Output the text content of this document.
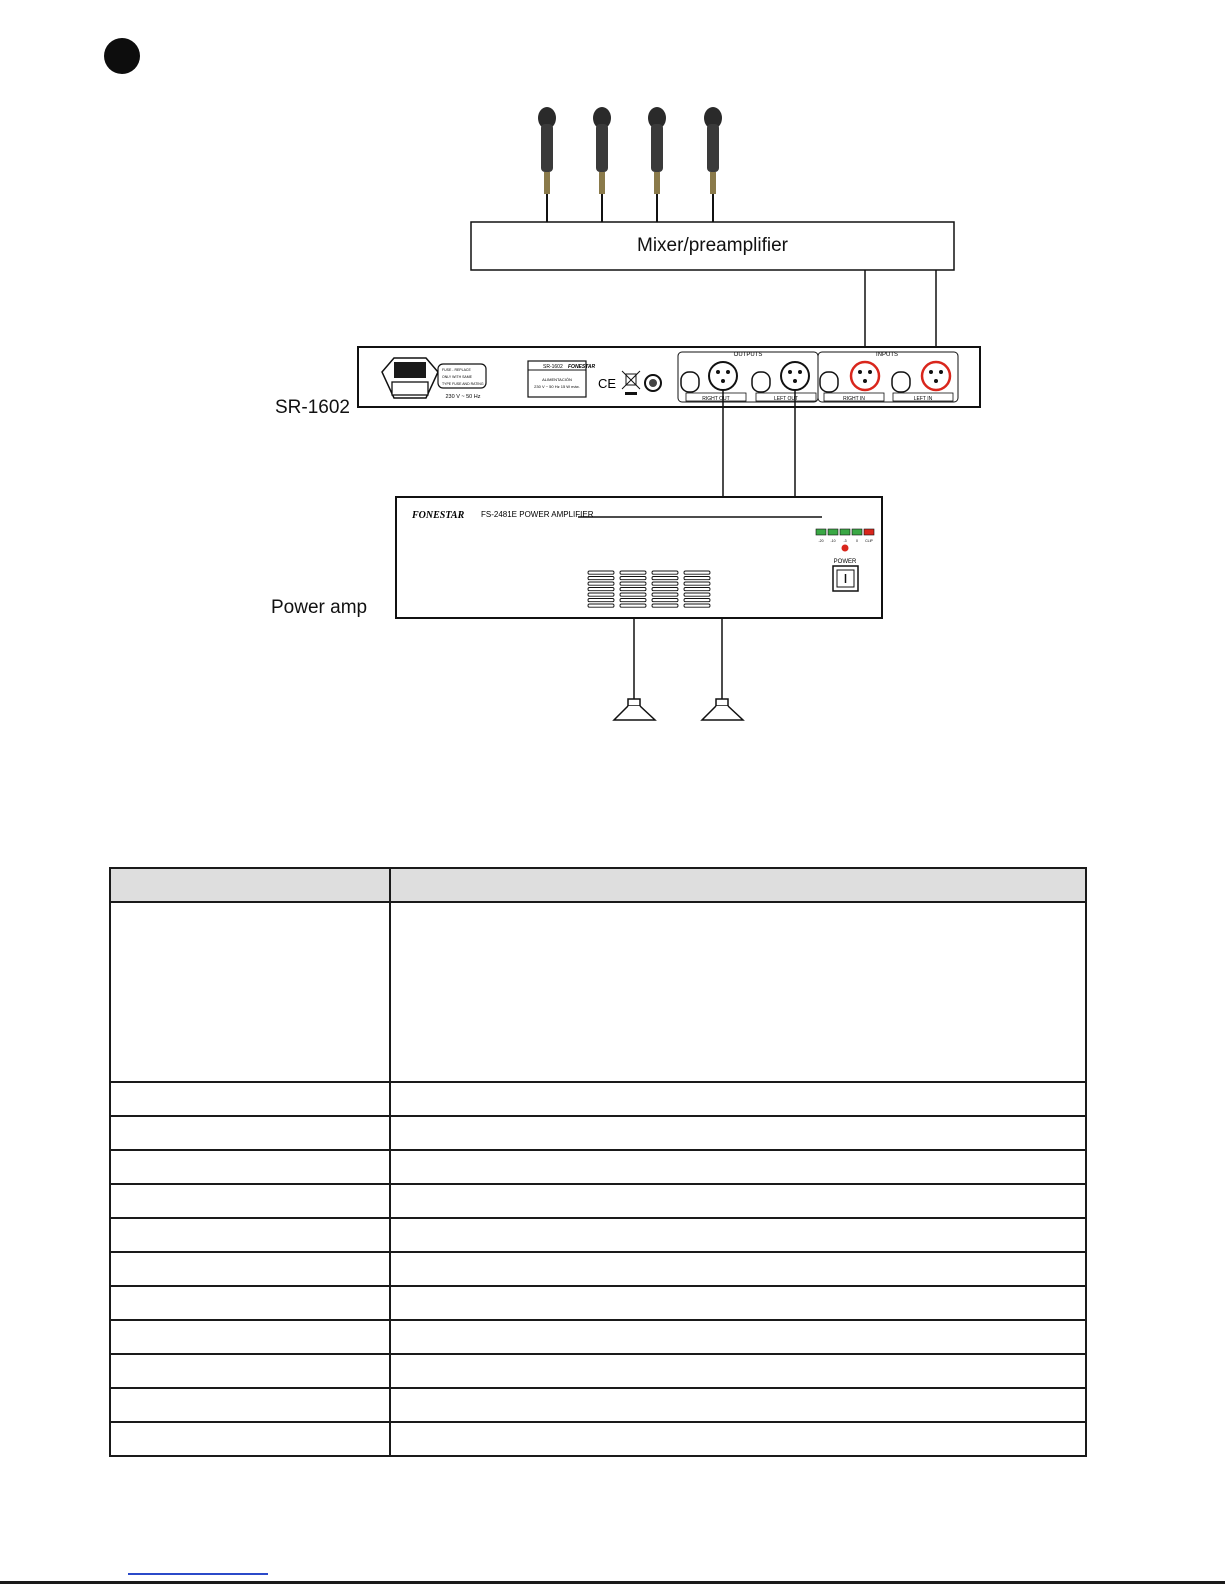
OUTPUTS	INPUTS
RIGHT OUT	LEFT OUT	RIGHT IN	LEFT IN
230 V ~ 50 Hz
SR-1602 FONESTAR
ALIMENTACIÓN
230 V ~ 50 Hz 15 W máx.
FUSE - REPLACE
ONLY WITH SAME
TYPE FUSE AND RATING	CE
FONESTAR FS-2481E POWER AMPLIFIER
-20 -10 -3	0 CLIP
POWER
Mixer/preamplifier
SR-1602
Power amp
